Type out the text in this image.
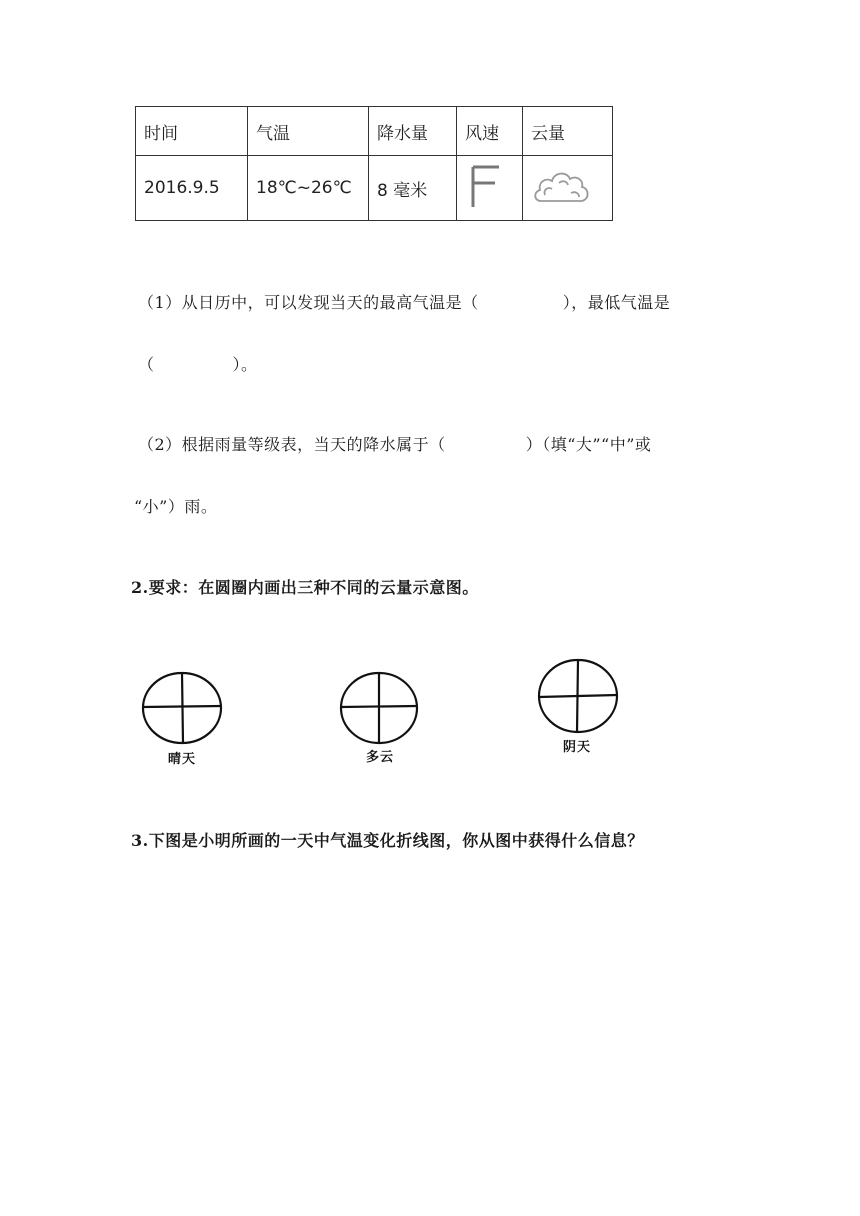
时间	气温	降水量	风速	云量
2016.9.5	18℃~26℃	8 毫米		
（1）从日历中，可以发现当天的最高气温是（	），最低气温是
（	）。
（2）根据雨量等级表，当天的降水属于（	）（填“大”“中”或
“小”）雨。
2.要求：在圆圈内画出三种不同的云量示意图。
晴天	多云
阴天
3.下图是小明所画的一天中气温变化折线图，你从图中获得什么信息？
